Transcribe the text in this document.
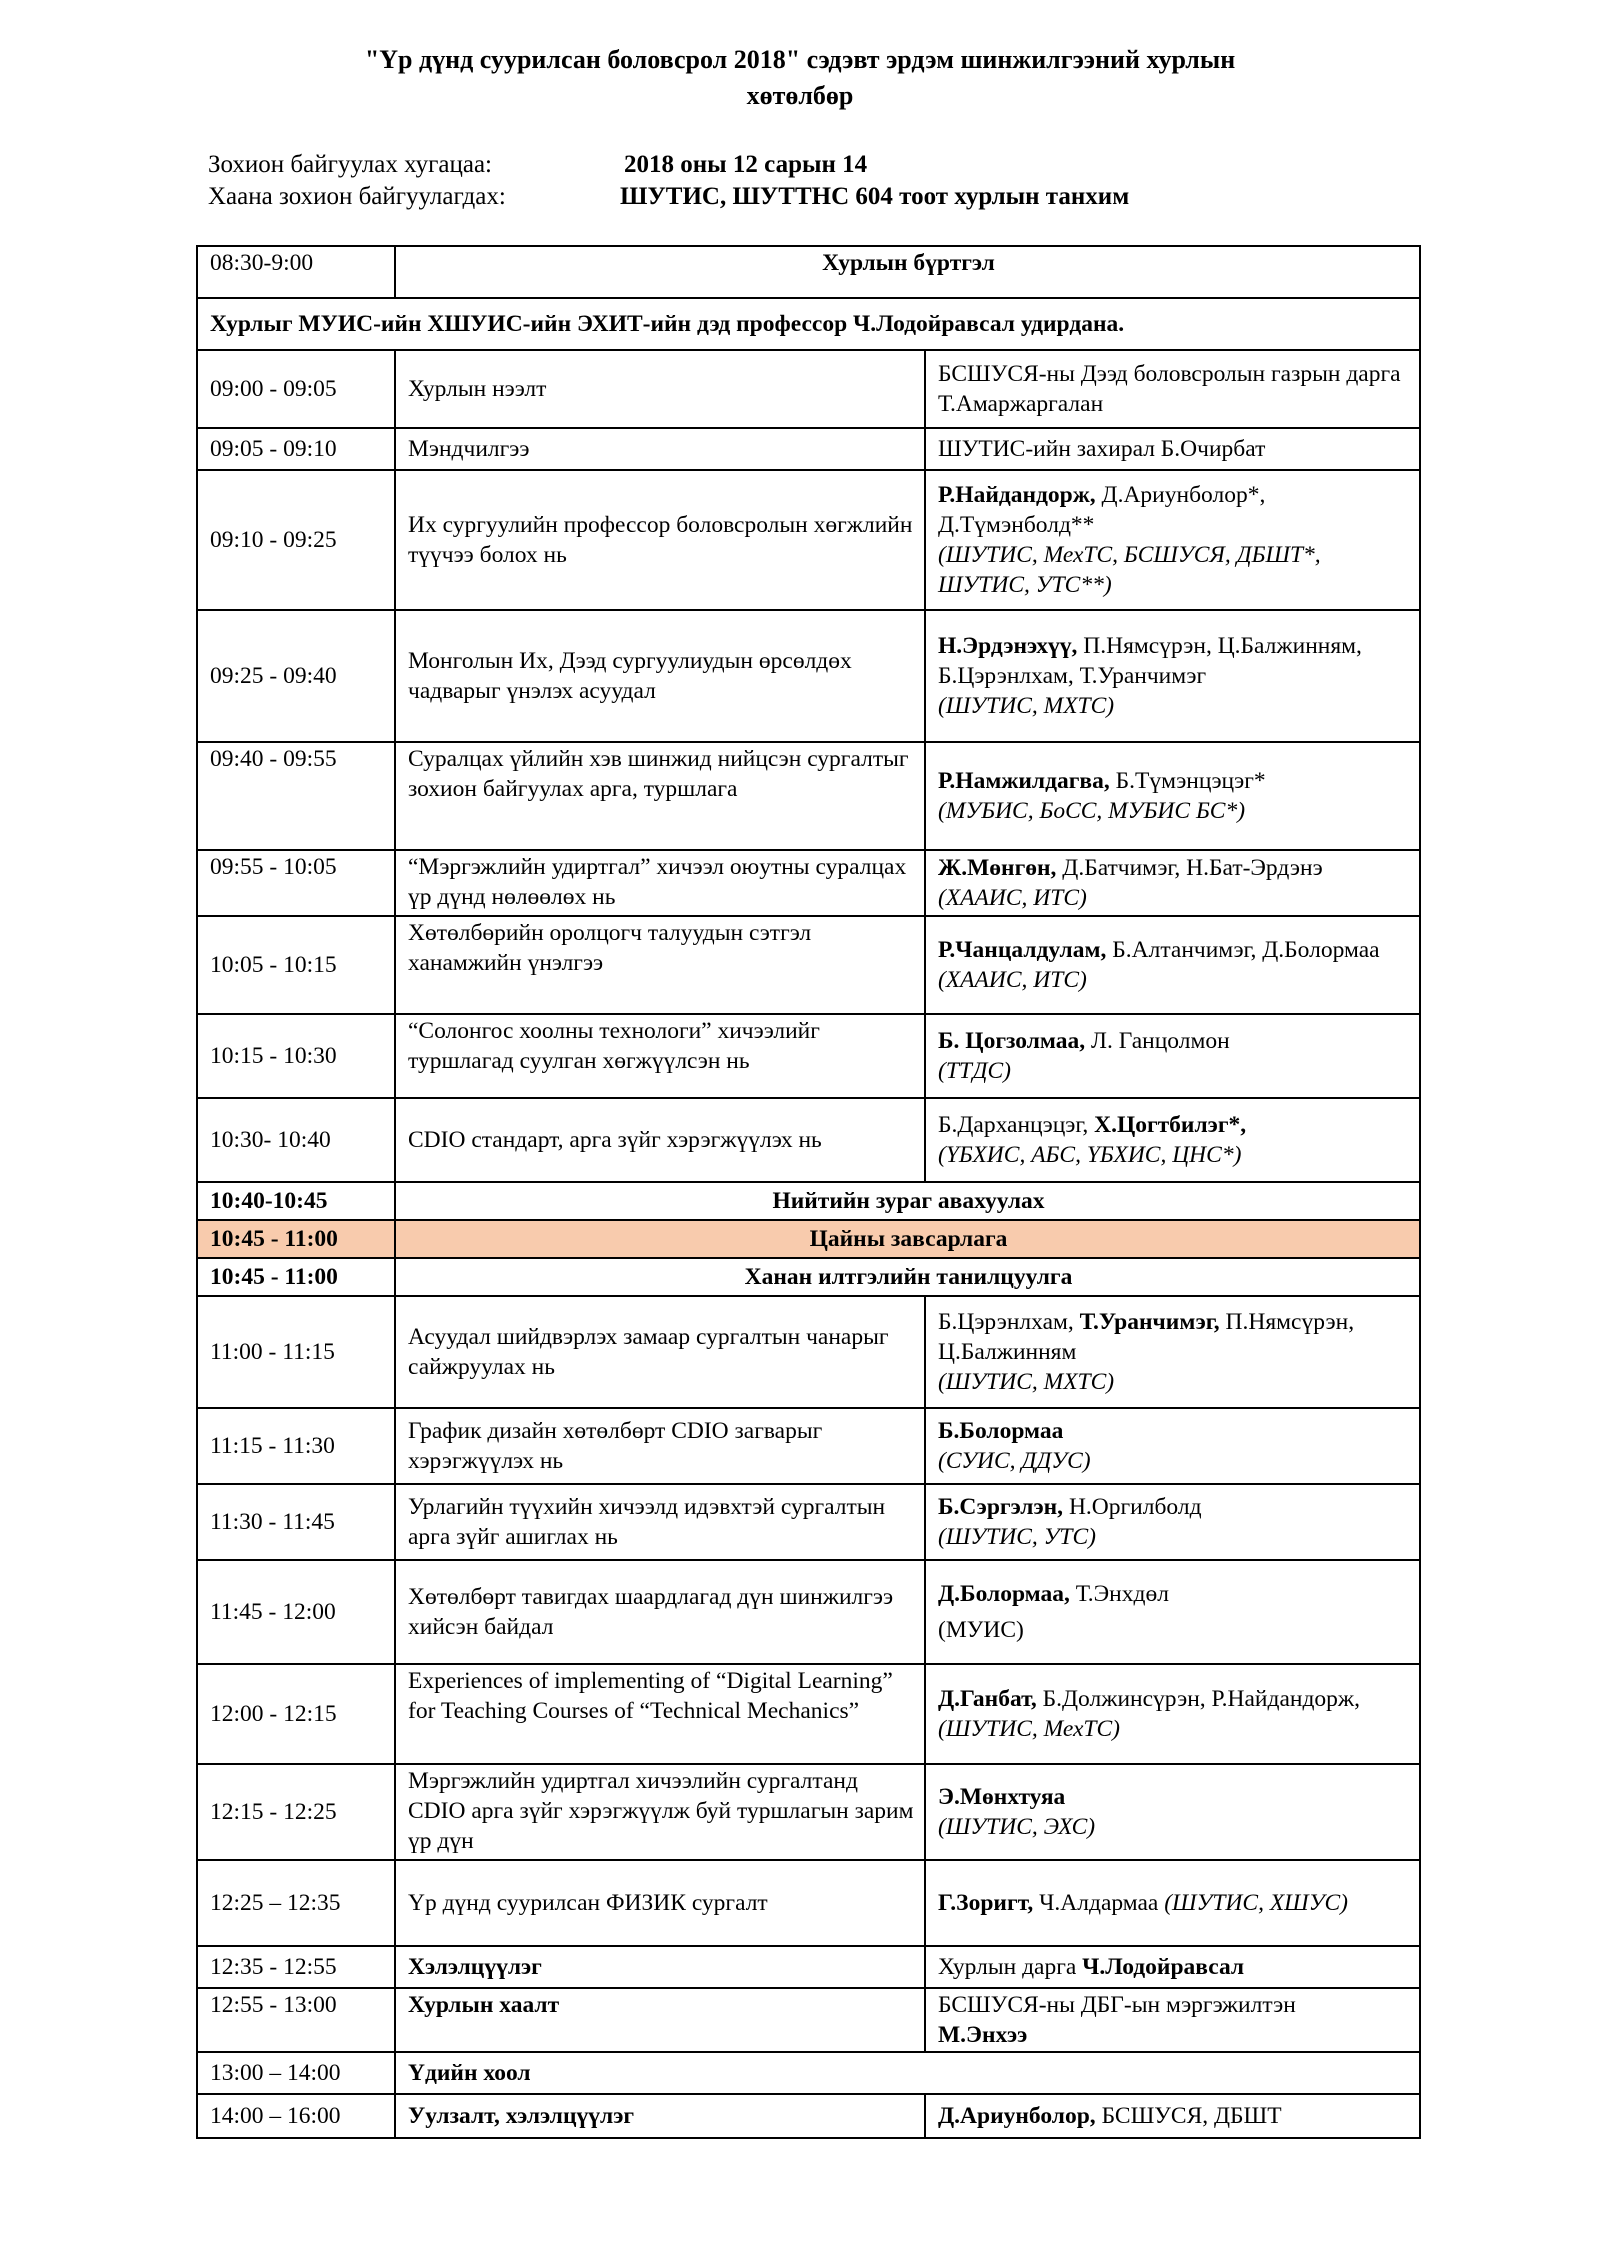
"Үр дүнд суурилсан боловсрол 2018" сэдэвт эрдэм шинжилгээний хурлын
хөтөлбөр
Зохион байгуулах хугацаа:	2018 оны 12 сарын 14
Хаана зохион байгуулагдах:	ШУТИС, ШУТТНС 604 тоот хурлын танхим
08:30-9:00	Хурлын бүртгэл	
Хурлыг МУИС-ийн ХШУИС-ийн ЭХИТ-ийн дэд профессор Ч.Лодойравсал удирдана.		
09:00 - 09:05	Хурлын нээлт	БСШУСЯ-ны Дээд боловсролын газрын дарга Т.Амаржаргалан
09:05 - 09:10	Мэндчилгээ	ШУТИС-ийн захирал Б.Очирбат
09:10 - 09:25	Их сургуулийн профессор боловсролын хөгжлийн түүчээ болох нь	Р.Найдандорж, Д.Ариунболор*, Д.Түмэнболд**
(ШУТИС, МехТС, БСШУСЯ, ДБШТ*, ШУТИС, УТС**)
09:25 - 09:40	Монголын Их, Дээд сургуулиудын өрсөлдөх чадварыг үнэлэх асуудал	Н.Эрдэнэхүү, П.Нямсүрэн, Ц.Балжинням, Б.Цэрэнлхам, Т.Уранчимэг
(ШУТИС, МХТС)
09:40 - 09:55	Суралцах үйлийн хэв шинжид нийцсэн сургалтыг зохион байгуулах арга, туршлага	Р.Намжилдагва, Б.Түмэнцэцэг*
(МУБИС, БоСС, МУБИС БС*)
09:55 - 10:05	“Мэргэжлийн удиртгал” хичээл оюутны суралцах үр дүнд нөлөөлөх нь	Ж.Мөнгөн, Д.Батчимэг, Н.Бат-Эрдэнэ
(ХААИС, ИТС)
10:05 - 10:15	Хөтөлбөрийн оролцогч талуудын сэтгэл ханамжийн үнэлгээ	Р.Чанцалдулам, Б.Алтанчимэг, Д.Болормаа
(ХААИС, ИТС)
10:15 - 10:30	“Солонгос хоолны технологи” хичээлийг туршлагад суулган хөгжүүлсэн нь	Б. Цогзолмаа, Л. Ганцолмон
(ТТДС)
10:30- 10:40	CDIO стандарт, арга зүйг хэрэгжүүлэх нь	Б.Дарханцэцэг, Х.Цогтбилэг*,
(ҮБХИС, АБС, ҮБХИС, ЦНС*)
10:40-10:45	Нийтийн зураг авахуулах	
10:45 - 11:00	Цайны завсарлага	
10:45 - 11:00	Ханан илтгэлийн танилцуулга	
11:00 - 11:15	Асуудал шийдвэрлэх замаар сургалтын чанарыг сайжруулах нь	Б.Цэрэнлхам, Т.Уранчимэг, П.Нямсүрэн, Ц.Балжинням
(ШУТИС, МХТС)
11:15 - 11:30	График дизайн хөтөлбөрт CDIO загварыг хэрэгжүүлэх нь	Б.Болормаа
(СУИС, ДДУС)
11:30 - 11:45	Урлагийн түүхийн хичээлд идэвхтэй сургалтын арга зүйг ашиглах нь	Б.Сэргэлэн, Н.Оргилболд
(ШУТИС, УТС)
11:45 - 12:00	Хөтөлбөрт тавигдах шаардлагад дүн шинжилгээ хийсэн байдал	Д.Болормаа, Т.Энхдөл
(МУИС)
12:00 - 12:15	Experiences of implementing of “Digital Learning” for Teaching Courses of “Technical Mechanics”	Д.Ганбат, Б.Должинсүрэн, Р.Найдандорж,
(ШУТИС, МехТС)
12:15 - 12:25	Мэргэжлийн удиртгал хичээлийн сургалтанд CDIO арга зүйг хэрэгжүүлж буй туршлагын зарим үр дүн	Э.Мөнхтуяа
(ШУТИС, ЭХС)
12:25 – 12:35	Үр дүнд суурилсан ФИЗИК сургалт	Г.Зоригт, Ч.Алдармаа (ШУТИС, ХШУС)
12:35 - 12:55	Хэлэлцүүлэг	Хурлын дарга Ч.Лодойравсал
12:55 - 13:00	Хурлын хаалт	БСШУСЯ-ны ДБГ-ын мэргэжилтэн
М.Энхээ
13:00 – 14:00	Үдийн хоол	
14:00 – 16:00	Уулзалт, хэлэлцүүлэг	Д.Ариунболор, БСШУСЯ, ДБШТ
